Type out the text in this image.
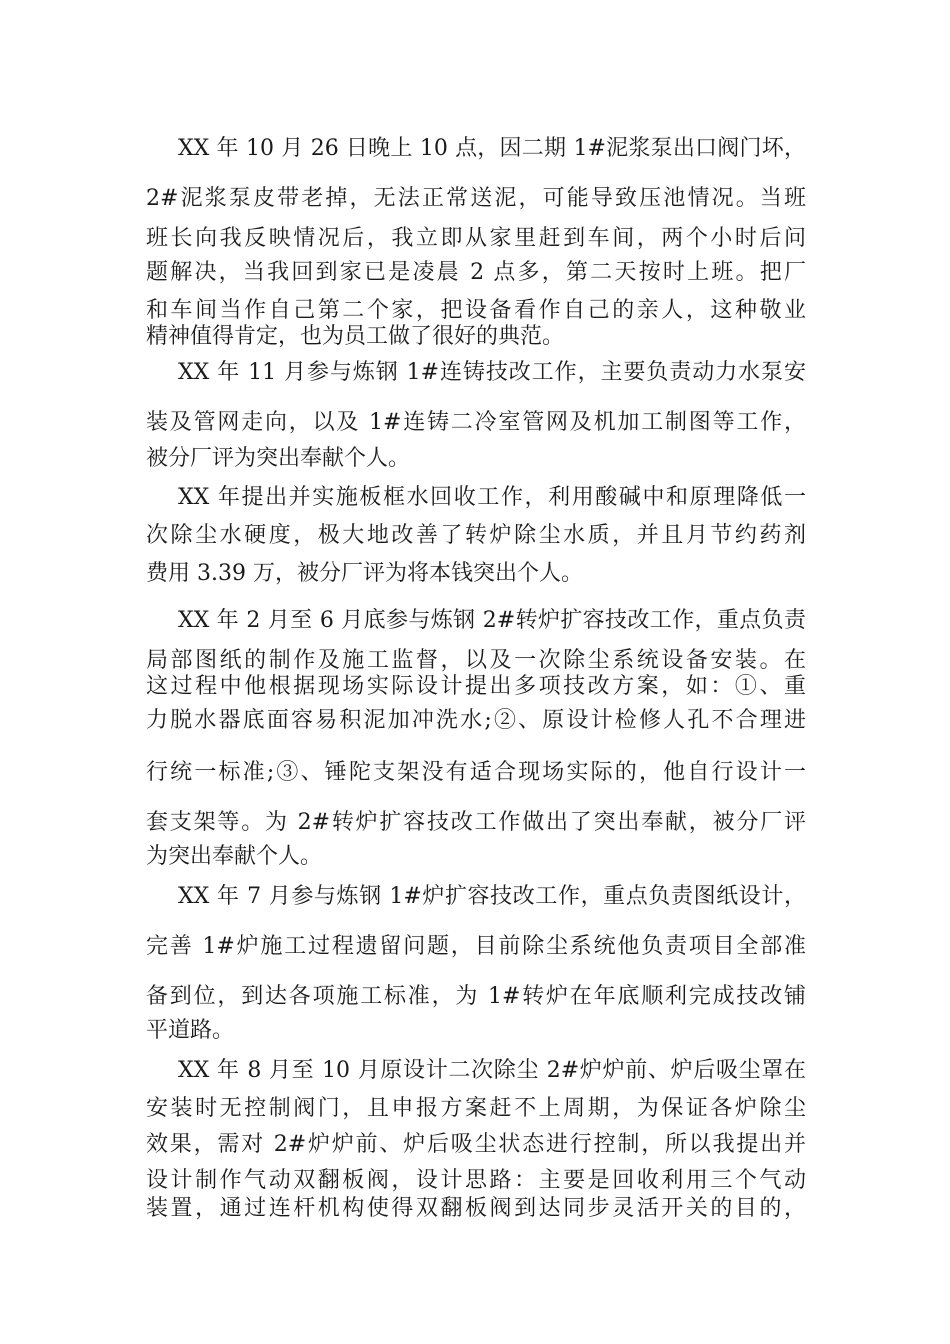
XX 年 10 月 26 日晚上 10 点，因二期 1#泥浆泵出口阀门坏，
2#泥浆泵皮带老掉，无法正常送泥，可能导致压池情况。当班
班长向我反映情况后，我立即从家里赶到车间，两个小时后问
题解决，当我回到家已是凌晨 2 点多，第二天按时上班。把厂
和车间当作自己第二个家，把设备看作自己的亲人，这种敬业
精神值得肯定，也为员工做了很好的典范。
XX 年 11 月参与炼钢 1#连铸技改工作，主要负责动力水泵安
装及管网走向，以及 1#连铸二冷室管网及机加工制图等工作，
被分厂评为突出奉献个人。
XX 年提出并实施板框水回收工作，利用酸碱中和原理降低一
次除尘水硬度，极大地改善了转炉除尘水质，并且月节约药剂
费用 3.39 万，被分厂评为将本钱突出个人。
XX 年 2 月至 6 月底参与炼钢 2#转炉扩容技改工作，重点负责
局部图纸的制作及施工监督，以及一次除尘系统设备安装。在
这过程中他根据现场实际设计提出多项技改方案，如：①、重
力脱水器底面容易积泥加冲洗水;②、原设计检修人孔不合理进
行统一标准;③、锤陀支架没有适合现场实际的，他自行设计一
套支架等。为 2#转炉扩容技改工作做出了突出奉献，被分厂评
为突出奉献个人。
XX 年 7 月参与炼钢 1#炉扩容技改工作，重点负责图纸设计，
完善 1#炉施工过程遗留问题，目前除尘系统他负责项目全部准
备到位，到达各项施工标准，为 1#转炉在年底顺利完成技改铺
平道路。
XX 年 8 月至 10 月原设计二次除尘 2#炉炉前、炉后吸尘罩在
安装时无控制阀门，且申报方案赶不上周期，为保证各炉除尘
效果，需对 2#炉炉前、炉后吸尘状态进行控制，所以我提出并
设计制作气动双翻板阀，设计思路：主要是回收利用三个气动
装置，通过连杆机构使得双翻板阀到达同步灵活开关的目的，
